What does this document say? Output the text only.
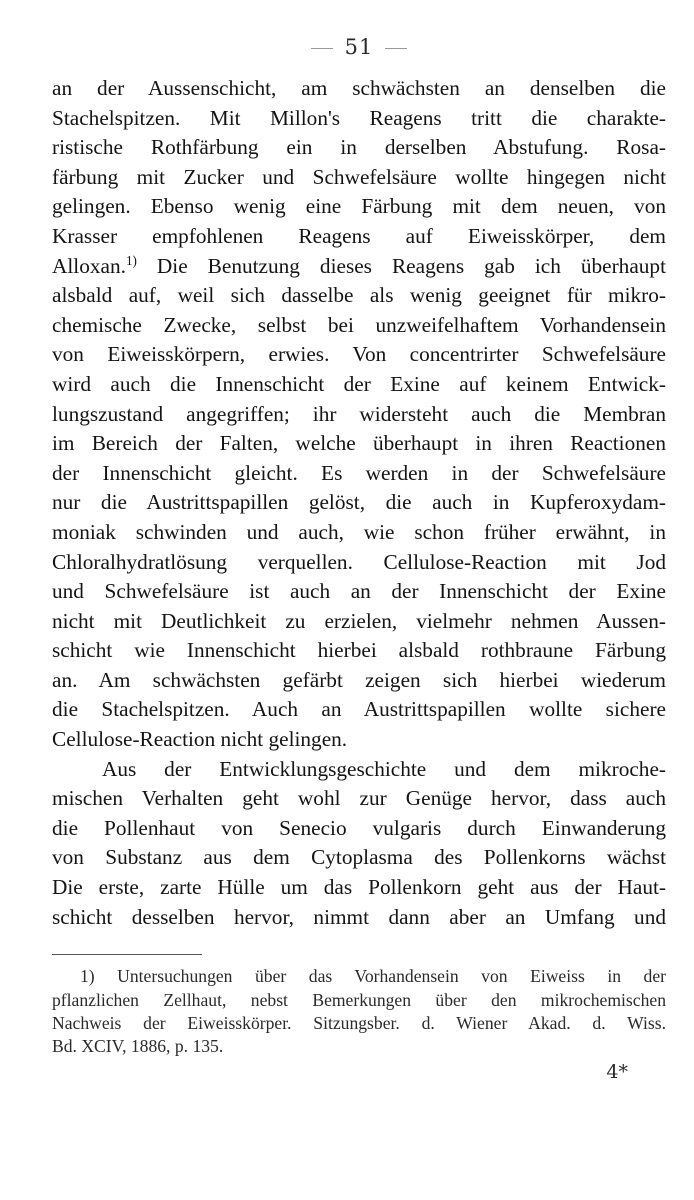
51
an der Aussenschicht, am schwächsten an denselben die
Stachelspitzen. Mit Millon's Reagens tritt die charakte-
ristische Rothfärbung ein in derselben Abstufung. Rosa-
färbung mit Zucker und Schwefelsäure wollte hingegen nicht
gelingen. Ebenso wenig eine Färbung mit dem neuen, von
Krasser empfohlenen Reagens auf Eiweisskörper, dem
Alloxan.$^{1)}$ Die Benutzung dieses Reagens gab ich überhaupt
alsbald auf, weil sich dasselbe als wenig geeignet für mikro-
chemische Zwecke, selbst bei unzweifelhaftem Vorhandensein
von Eiweisskörpern, erwies. Von concentrirter Schwefelsäure
wird auch die Innenschicht der Exine auf keinem Entwick-
lungszustand angegriffen; ihr widersteht auch die Membran
im Bereich der Falten, welche überhaupt in ihren Reactionen
der Innenschicht gleicht. Es werden in der Schwefelsäure
nur die Austrittspapillen gelöst, die auch in Kupferoxydam-
moniak schwinden und auch, wie schon früher erwähnt, in
Chloralhydratlösung verquellen. Cellulose-Reaction mit Jod
und Schwefelsäure ist auch an der Innenschicht der Exine
nicht mit Deutlichkeit zu erzielen, vielmehr nehmen Aussen-
schicht wie Innenschicht hierbei alsbald rothbraune Färbung
an. Am schwächsten gefärbt zeigen sich hierbei wiederum
die Stachelspitzen. Auch an Austrittspapillen wollte sichere
Cellulose-Reaction nicht gelingen.
Aus der Entwicklungsgeschichte und dem mikroche-
mischen Verhalten geht wohl zur Genüge hervor, dass auch
die Pollenhaut von Senecio vulgaris durch Einwanderung
von Substanz aus dem Cytoplasma des Pollenkorns wächst
Die erste, zarte Hülle um das Pollenkorn geht aus der Haut-
schicht desselben hervor, nimmt dann aber an Umfang und
1) Untersuchungen über das Vorhandensein von Eiweiss in der
pflanzlichen Zellhaut, nebst Bemerkungen über den mikrochemischen
Nachweis der Eiweisskörper. Sitzungsber. d. Wiener Akad. d. Wiss.
Bd. XCIV, 1886, p. 135.
4*
